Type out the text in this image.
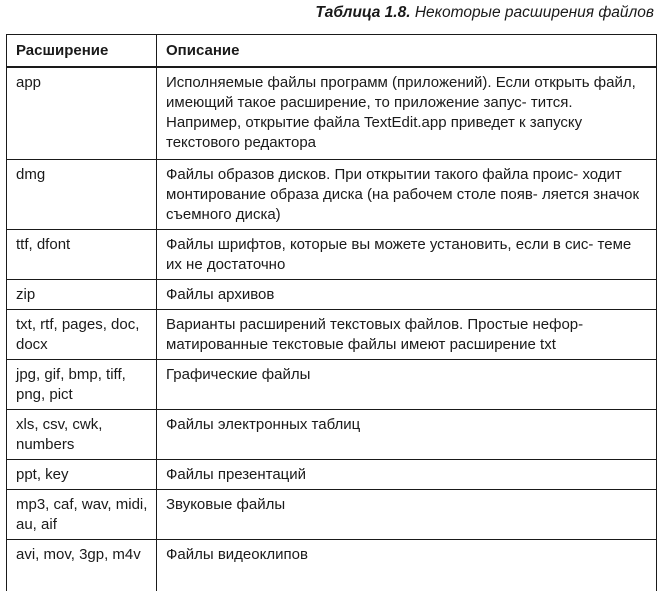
Таблица 1.8. Некоторые расширения файлов
Расширение	Описание
app	Исполняемые файлы программ (приложений). Если открыть файл, имеющий такое расширение, то приложение запус- тится. Например, открытие файла TextEdit.app приведет к запуску текстового редактора
dmg	Файлы образов дисков. При открытии такого файла проис- ходит монтирование образа диска (на рабочем столе появ- ляется значок съемного диска)
ttf, dfont	Файлы шрифтов, которые вы можете установить, если в сис- теме их не достаточно
zip	Файлы архивов
txt, rtf, pages, doc, docx	Варианты расширений текстовых файлов. Простые нефор- матированные текстовые файлы имеют расширение txt
jpg, gif, bmp, tiff, png, pict	Графические файлы
xls, csv, cwk, numbers	Файлы электронных таблиц
ppt, key	Файлы презентаций
mp3, caf, wav, midi, au, aif	Звуковые файлы
avi, mov, 3gp, m4v	Файлы видеоклипов
